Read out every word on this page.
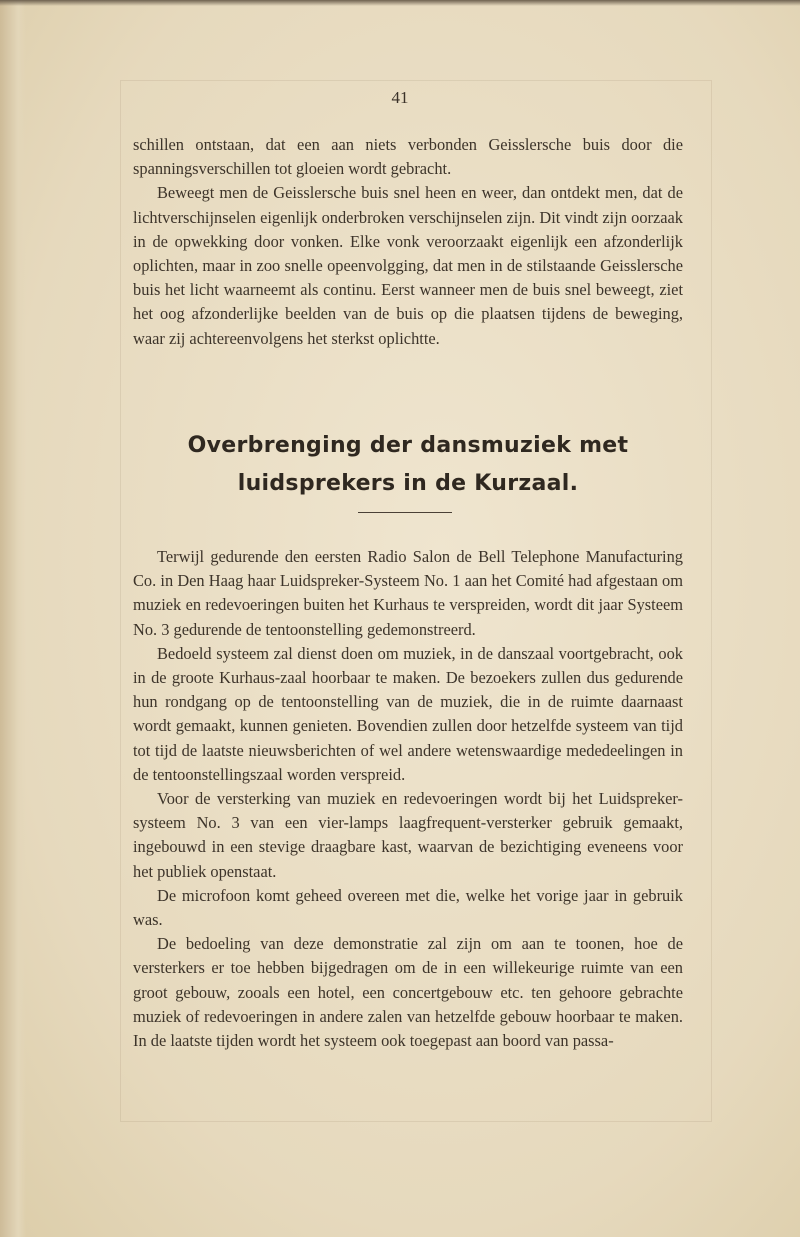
41

schillen ontstaan, dat een aan niets verbonden Geisslersche buis door die spanningsverschillen tot gloeien wordt gebracht.

Beweegt men de Geisslersche buis snel heen en weer, dan ontdekt men, dat de lichtverschijnselen eigenlijk onderbroken verschijnselen zijn. Dit vindt zijn oorzaak in de opwekking door vonken. Elke vonk veroorzaakt eigenlijk een afzonderlijk oplichten, maar in zoo snelle opeenvolgging, dat men in de stilstaande Geisslersche buis het licht waarneemt als continu. Eerst wanneer men de buis snel beweegt, ziet het oog afzonderlijke beelden van de buis op die plaatsen tijdens de beweging, waar zij achtereenvolgens het sterkst oplichtte.

Overbrenging der dansmuziek met
luidsprekers in de Kurzaal.

Terwijl gedurende den eersten Radio Salon de Bell Telephone Manufacturing Co. in Den Haag haar Luidspreker-Systeem No. 1 aan het Comité had afgestaan om muziek en redevoeringen buiten het Kurhaus te verspreiden, wordt dit jaar Systeem No. 3 gedurende de tentoonstelling gedemonstreerd.

Bedoeld systeem zal dienst doen om muziek, in de danszaal voortgebracht, ook in de groote Kurhaus-zaal hoorbaar te maken. De bezoekers zullen dus gedurende hun rondgang op de tentoonstelling van de muziek, die in de ruimte daarnaast wordt gemaakt, kunnen genieten. Bovendien zullen door hetzelfde systeem van tijd tot tijd de laatste nieuwsberichten of wel andere wetenswaardige mededeelingen in de tentoonstellingszaal worden verspreid.

Voor de versterking van muziek en redevoeringen wordt bij het Luidspreker-systeem No. 3 van een vier-lamps laagfrequent-versterker gebruik gemaakt, ingebouwd in een stevige draagbare kast, waarvan de bezichtiging eveneens voor het publiek openstaat.

De microfoon komt geheed overeen met die, welke het vorige jaar in gebruik was.

De bedoeling van deze demonstratie zal zijn om aan te toonen, hoe de versterkers er toe hebben bijgedragen om de in een willekeurige ruimte van een groot gebouw, zooals een hotel, een concertgebouw etc. ten gehoore gebrachte muziek of redevoeringen in andere zalen van hetzelfde gebouw hoorbaar te maken. In de laatste tijden wordt het systeem ook toegepast aan boord van passa-
